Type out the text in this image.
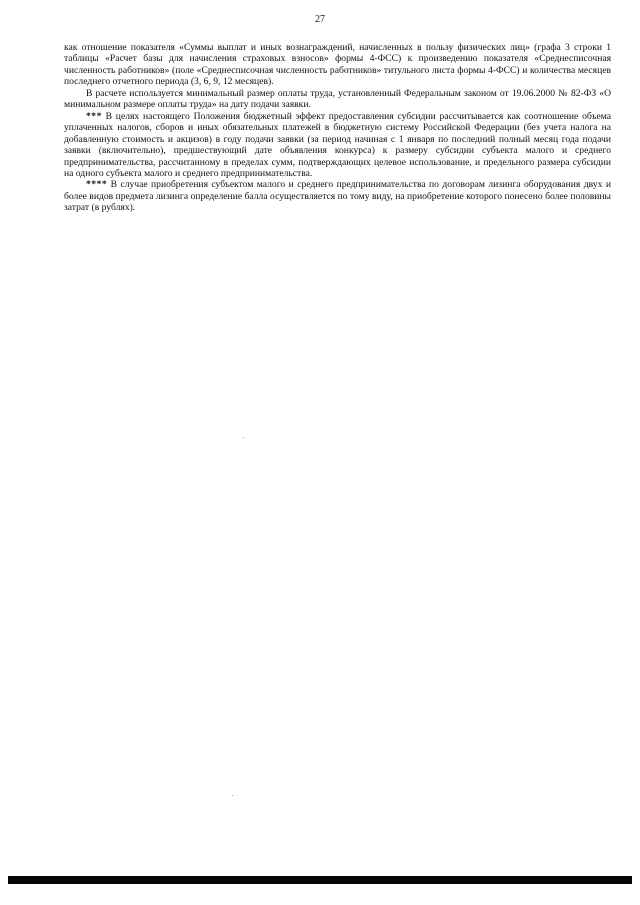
27

как отношение показателя «Суммы выплат и иных вознаграждений, начисленных в пользу физических лиц» (графа 3 строки 1 таблицы «Расчет базы для начисления страховых взносов» формы 4-ФСС) к произведению показателя «Среднесписочная численность работников» (поле «Среднесписочная численность работников» титульного листа формы 4-ФСС) и количества месяцев последнего отчетного периода (3, 6, 9, 12 месяцев).

В расчете используется минимальный размер оплаты труда, установленный Федеральным законом от 19.06.2000 № 82-ФЗ «О минимальном размере оплаты труда» на дату подачи заявки.

*** В целях настоящего Положения бюджетный эффект предоставления субсидии рассчитывается как соотношение объема уплаченных налогов, сборов и иных обязательных платежей в бюджетную систему Российской Федерации (без учета налога на добавленную стоимость и акцизов) в году подачи заявки (за период начиная с 1 января по последний полный месяц года подачи заявки (включительно), предшествующий дате объявления конкурса) к размеру субсидии субъекта малого и среднего предпринимательства, рассчитанному в пределах сумм, подтверждающих целевое использование, и предельного размера субсидии на одного субъекта малого и среднего предпринимательства.

**** В случае приобретения субъектом малого и среднего предпринимательства по договорам лизинга оборудования двух и более видов предмета лизинга определение балла осуществляется по тому виду, на приобретение которого понесено более половины затрат (в рублях).
